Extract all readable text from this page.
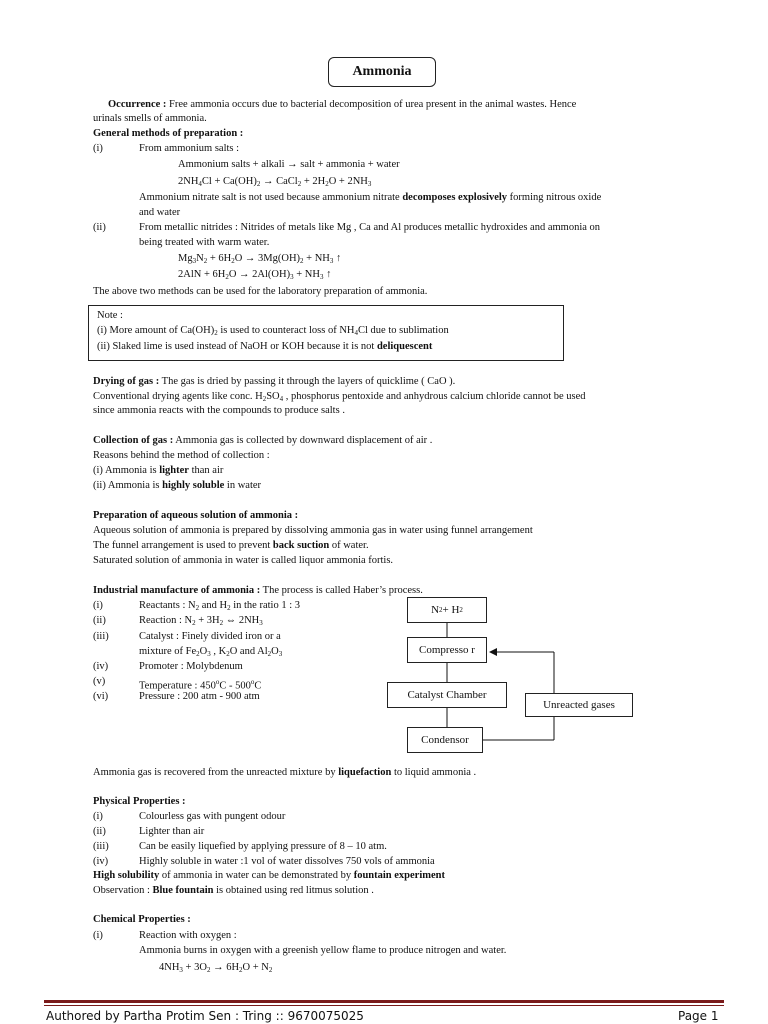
Ammonia
Occurrence : Free ammonia occurs due to bacterial decomposition of urea present in the animal wastes. Hence
urinals smells of ammonia.
General methods of preparation :
(i)	From ammonium salts :
Ammonium salts + alkali → salt + ammonia + water
$2NH_4Cl + Ca(OH)_2$ → CaCl$_2$ + $2H_2O + 2NH_3$
Ammonium nitrate salt is not used because ammonium nitrate decomposes explosively forming nitrous oxide
and water
(ii)	From metallic nitrides : Nitrides of metals like Mg , Ca and Al produces metallic hydroxides and ammonia on
being treated with warm water.
$Mg_3N_2 + 6H_2O \to 3Mg(OH)_2 + NH_3$ ↑
$2AlN + 6H_2O \to 2Al(OH)_3 + NH_3$ ↑
The above two methods can be used for the laboratory preparation of ammonia.
Note :
(i) More amount of $Ca(OH)_2$ is used to counteract loss of $NH_4Cl$ due to sublimation
(ii) Slaked lime is used instead of NaOH or KOH because it is not deliquescent
Drying of gas : The gas is dried by passing it through the layers of quicklime ( CaO ).
Conventional drying agents like conc. $H_2SO_4$ , phosphorus pentoxide and anhydrous calcium chloride cannot be used
since ammonia reacts with the compounds to produce salts .
Collection of gas : Ammonia gas is collected by downward displacement of air .
Reasons behind the method of collection :
(i) Ammonia is lighter than air
(ii) Ammonia is highly soluble in water
Preparation of aqueous solution of ammonia :
Aqueous solution of ammonia is prepared by dissolving ammonia gas in water using funnel arrangement
The funnel arrangement is used to prevent back suction of water.
Saturated solution of ammonia in water is called liquor ammonia fortis.
Industrial manufacture of ammonia : The process is called Haber’s process.
(i)	Reactants : $N_2$ and $H_2$ in the ratio 1 : 3
(ii)	Reaction : $N_2 + 3H_2$ ⇔ $2NH_3$
(iii)	Catalyst : Finely divided iron or a
mixture of $Fe_2O_3$ , $K_2O$ and $Al_2O_3$
(iv)	Promoter : Molybdenum
(v)	Temperature : 450$^o$C - 500$^o$C
(vi)	Pressure : 200 atm - 900 atm
N 2 + H 2
Compresso r
Catalyst Chamber
Unreacted gases
Condensor
Ammonia gas is recovered from the unreacted mixture by liquefaction to liquid ammonia .
Physical Properties :
(i)	Colourless gas with pungent odour
(ii)	Lighter than air
(iii)	Can be easily liquefied by applying pressure of 8 – 10 atm.
(iv)	Highly soluble in water :1 vol of water dissolves 750 vols of ammonia
High solubility of ammonia in water can be demonstrated by fountain experiment
Observation : Blue fountain is obtained using red litmus solution .
Chemical Properties :
(i)	Reaction with oxygen :
Ammonia burns in oxygen with a greenish yellow flame to produce nitrogen and water.
$4NH_3 + 3O_2 \to 6H_2O + N_2$
Authored by Partha Protim Sen : Tring :: 9670075025	Page 1
